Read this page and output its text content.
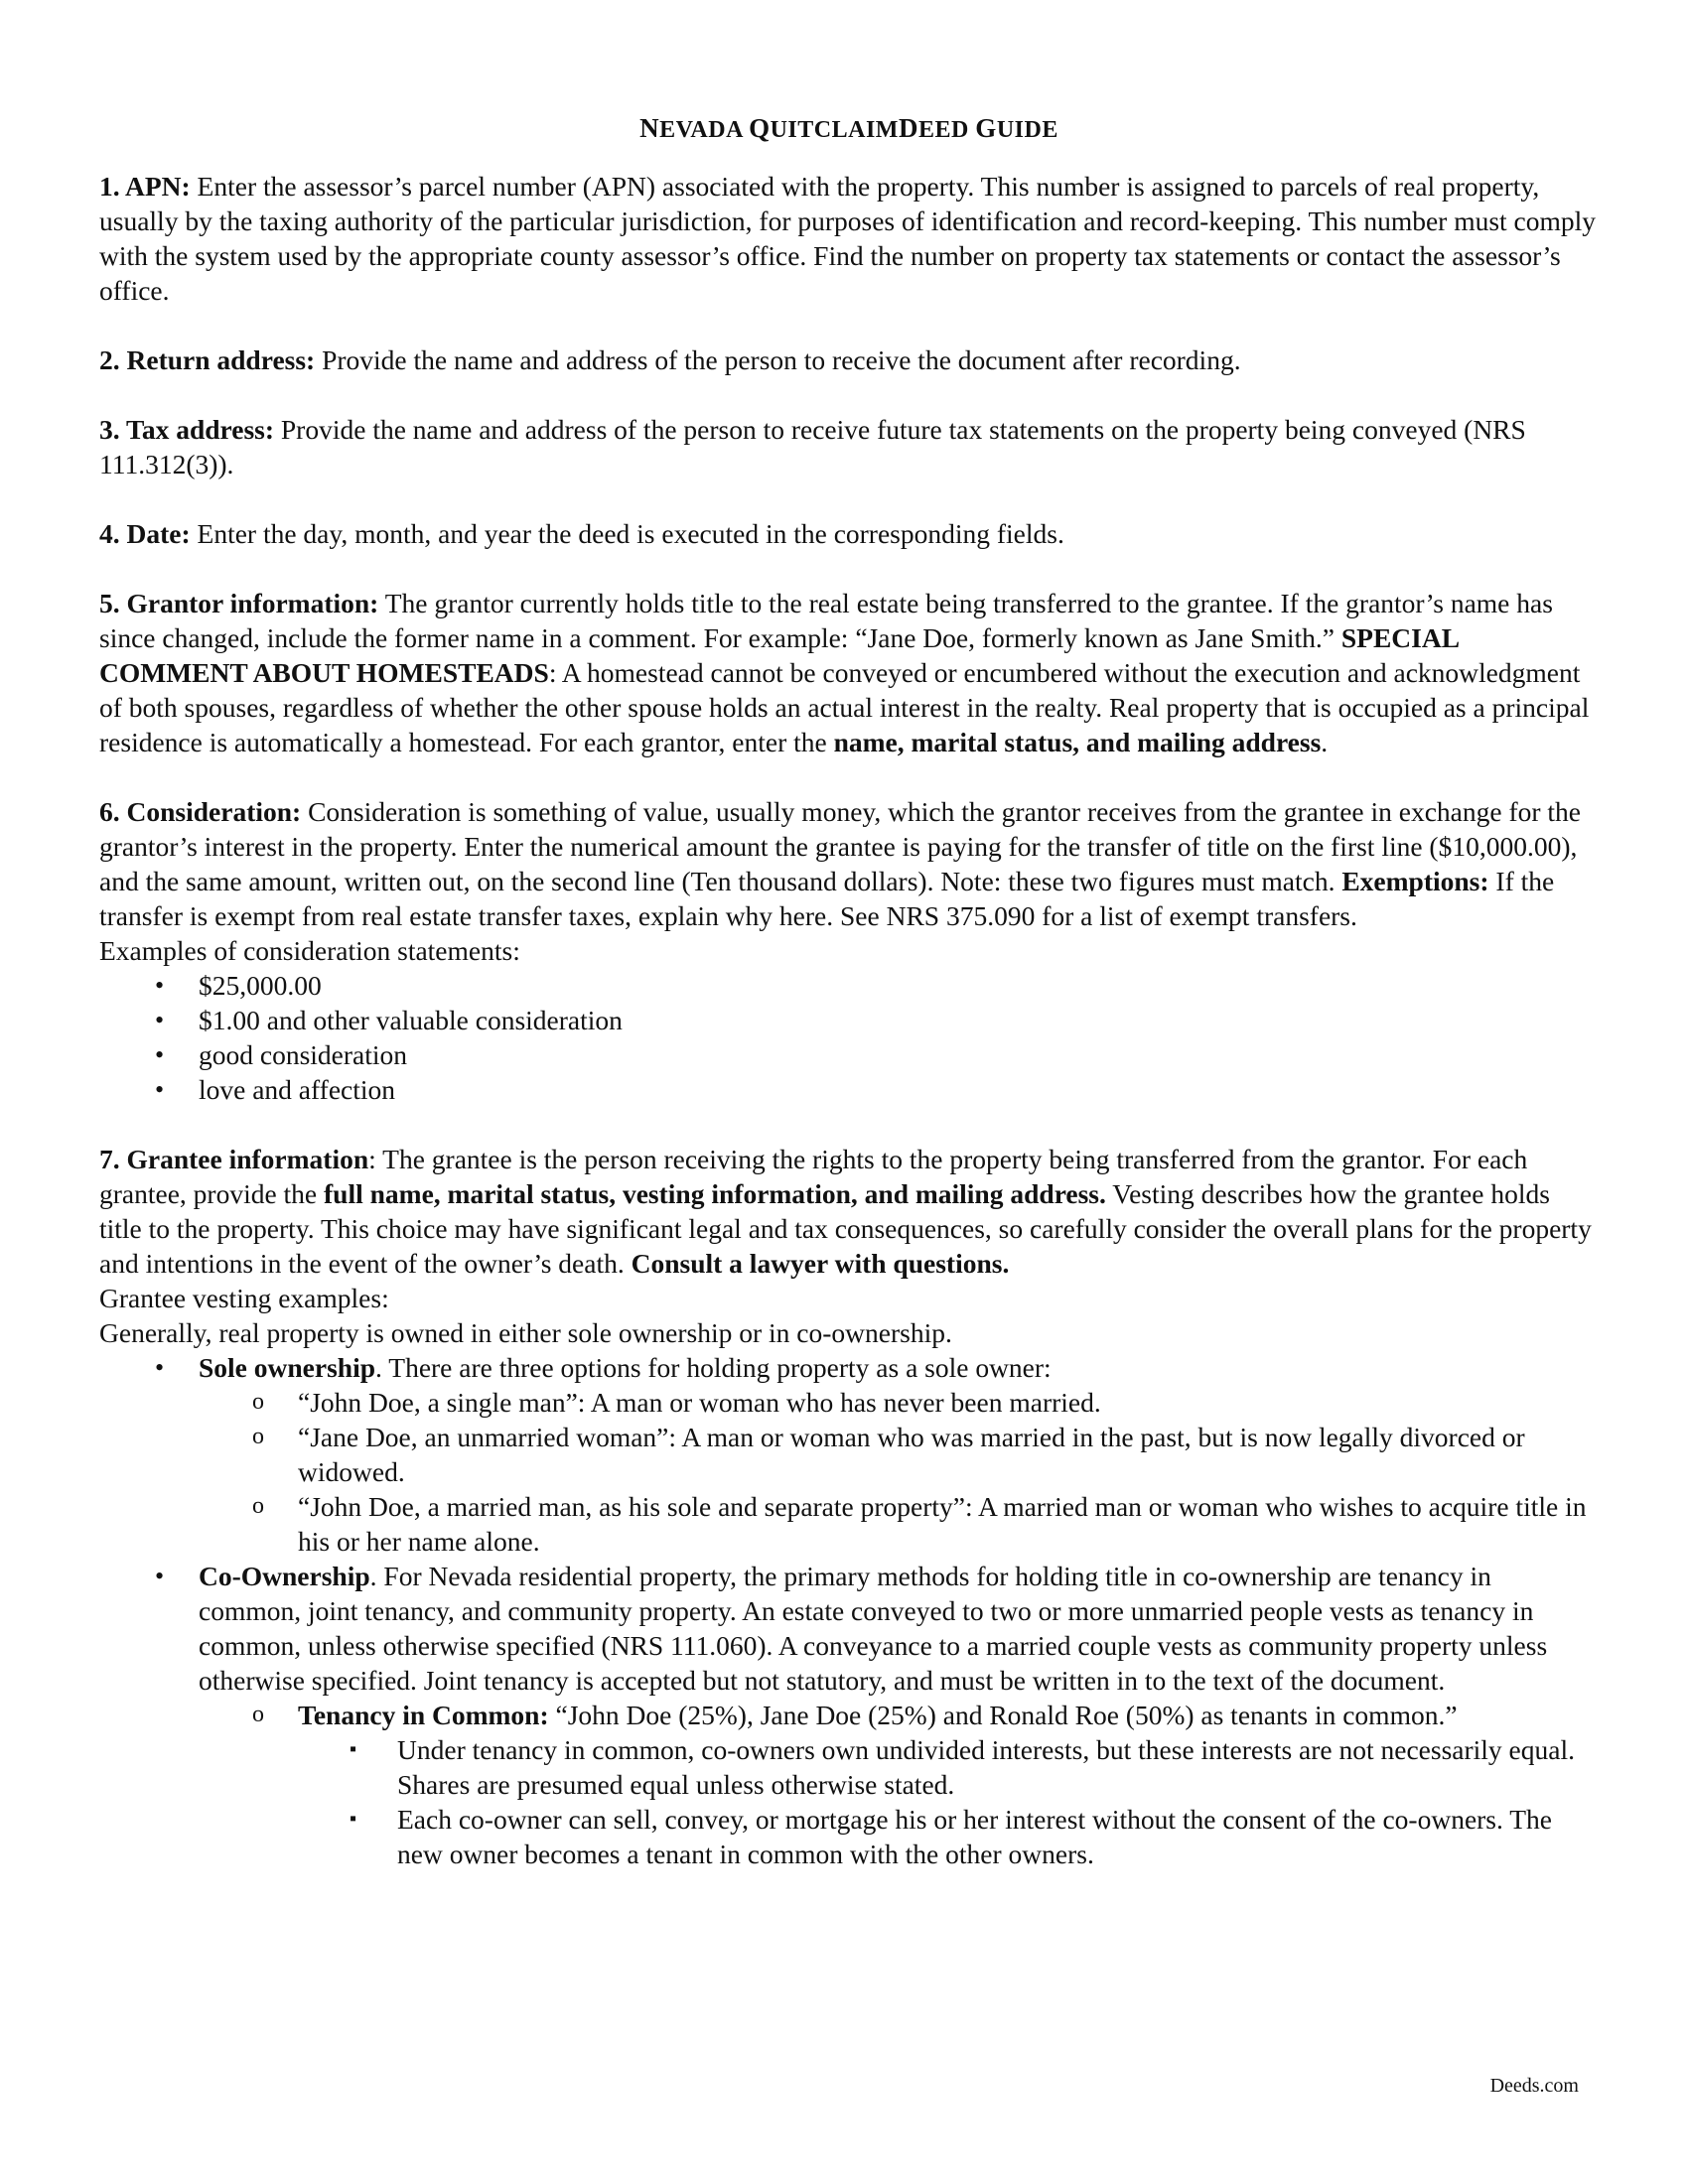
NEVADA QUITCLAIMDEED GUIDE

1. APN: Enter the assessor’s parcel number (APN) associated with the property. This number is assigned to parcels of real property, usually by the taxing authority of the particular jurisdiction, for purposes of identification and record-keeping. This number must comply with the system used by the appropriate county assessor’s office. Find the number on property tax statements or contact the assessor’s office.

2. Return address: Provide the name and address of the person to receive the document after recording.

3. Tax address: Provide the name and address of the person to receive future tax statements on the property being conveyed (NRS 111.312(3)).

4. Date: Enter the day, month, and year the deed is executed in the corresponding fields.

5. Grantor information: The grantor currently holds title to the real estate being transferred to the grantee. If the grantor’s name has since changed, include the former name in a comment. For example: “Jane Doe, formerly known as Jane Smith.” SPECIAL COMMENT ABOUT HOMESTEADS: A homestead cannot be conveyed or encumbered without the execution and acknowledgment of both spouses, regardless of whether the other spouse holds an actual interest in the realty. Real property that is occupied as a principal residence is automatically a homestead. For each grantor, enter the name, marital status, and mailing address.

6. Consideration: Consideration is something of value, usually money, which the grantor receives from the grantee in exchange for the grantor’s interest in the property. Enter the numerical amount the grantee is paying for the transfer of title on the first line ($10,000.00), and the same amount, written out, on the second line (Ten thousand dollars). Note: these two figures must match. Exemptions: If the transfer is exempt from real estate transfer taxes, explain why here. See NRS 375.090 for a list of exempt transfers.

Examples of consideration statements:

• $25,000.00
• $1.00 and other valuable consideration
• good consideration
• love and affection

7. Grantee information: The grantee is the person receiving the rights to the property being transferred from the grantor. For each grantee, provide the full name, marital status, vesting information, and mailing address. Vesting describes how the grantee holds title to the property. This choice may have significant legal and tax consequences, so carefully consider the overall plans for the property and intentions in the event of the owner’s death. Consult a lawyer with questions.

Grantee vesting examples:

Generally, real property is owned in either sole ownership or in co-ownership.

• Sole ownership. There are three options for holding property as a sole owner:
o “John Doe, a single man”: A man or woman who has never been married.
o “Jane Doe, an unmarried woman”: A man or woman who was married in the past, but is now legally divorced or widowed.
o “John Doe, a married man, as his sole and separate property”: A married man or woman who wishes to acquire title in his or her name alone.
• Co-Ownership. For Nevada residential property, the primary methods for holding title in co-ownership are tenancy in common, joint tenancy, and community property. An estate conveyed to two or more unmarried people vests as tenancy in common, unless otherwise specified (NRS 111.060). A conveyance to a married couple vests as community property unless otherwise specified. Joint tenancy is accepted but not statutory, and must be written in to the text of the document.
o Tenancy in Common: “John Doe (25%), Jane Doe (25%) and Ronald Roe (50%) as tenants in common.”
▪ Under tenancy in common, co-owners own undivided interests, but these interests are not necessarily equal. Shares are presumed equal unless otherwise stated.
▪ Each co-owner can sell, convey, or mortgage his or her interest without the consent of the co-owners. The new owner becomes a tenant in common with the other owners.
Deeds.com
